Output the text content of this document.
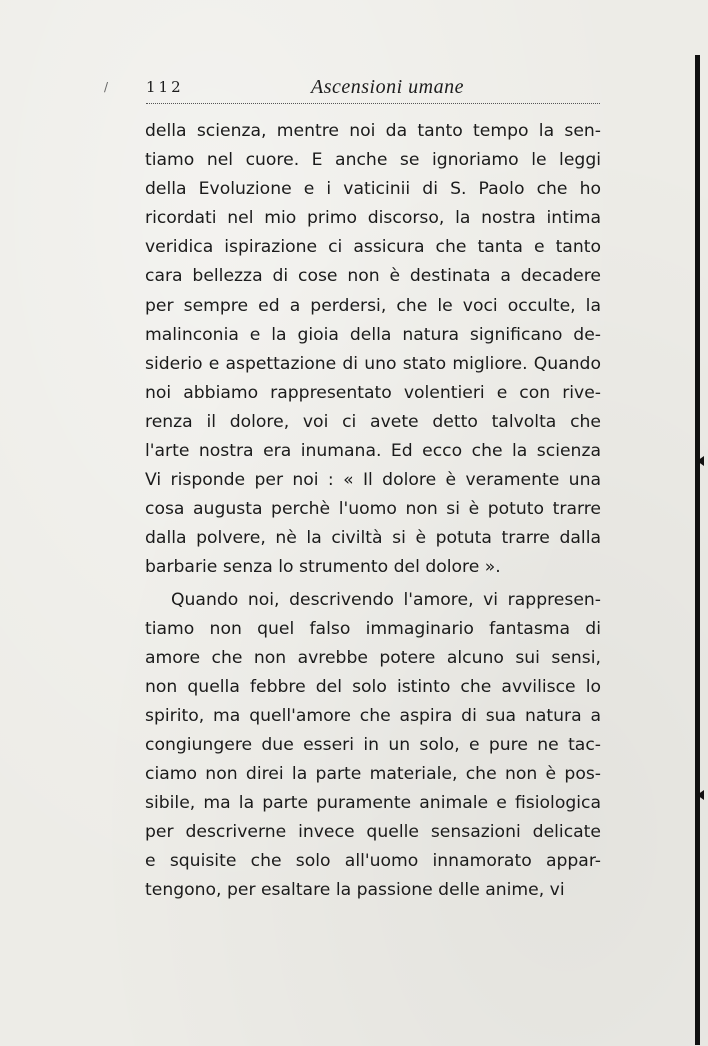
/	112	Ascensioni umane
della scienza, mentre noi da tanto tempo la sen-
tiamo nel cuore. E anche se ignoriamo le leggi
della Evoluzione e i vaticinii di S. Paolo che ho
ricordati nel mio primo discorso, la nostra intima
veridica ispirazione ci assicura che tanta e tanto
cara bellezza di cose non è destinata a decadere
per sempre ed a perdersi, che le voci occulte, la
malinconia e la gioia della natura significano de-
siderio e aspettazione di uno stato migliore. Quando
noi abbiamo rappresentato volentieri e con rive-
renza il dolore, voi ci avete detto talvolta che
l'arte nostra era inumana. Ed ecco che la scienza
Vi risponde per noi : « Il dolore è veramente una
cosa augusta perchè l'uomo non si è potuto trarre
dalla polvere, nè la civiltà si è potuta trarre dalla
barbarie senza lo strumento del dolore ».
Quando noi, descrivendo l'amore, vi rappresen-
tiamo non quel falso immaginario fantasma di
amore che non avrebbe potere alcuno sui sensi,
non quella febbre del solo istinto che avvilisce lo
spirito, ma quell'amore che aspira di sua natura a
congiungere due esseri in un solo, e pure ne tac-
ciamo non direi la parte materiale, che non è pos-
sibile, ma la parte puramente animale e fisiologica
per descriverne invece quelle sensazioni delicate
e squisite che solo all'uomo innamorato appar-
tengono, per esaltare la passione delle anime, vi
